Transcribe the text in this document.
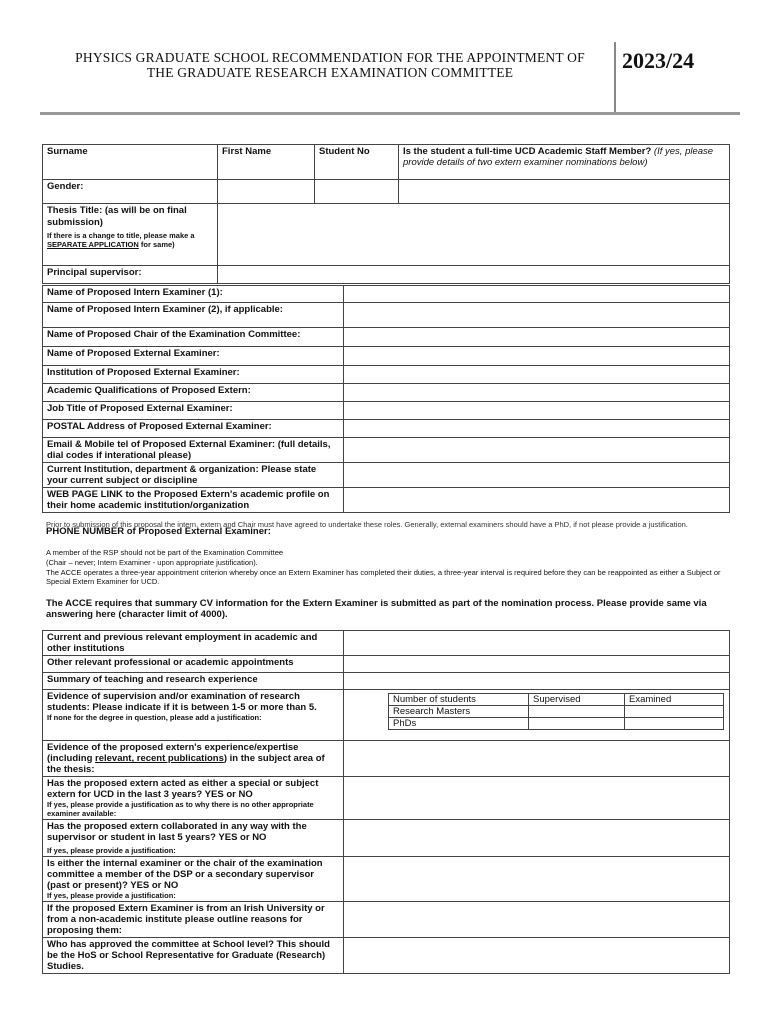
PHYSICS GRADUATE SCHOOL RECOMMENDATION FOR THE APPOINTMENT OF
THE GRADUATE RESEARCH EXAMINATION COMMITTEE	2023/24
Surname	First Name	Student No	Is the student a full-time UCD Academic Staff Member? (If yes, please provide details of two extern examiner nominations below)
Gender:			

Thesis Title: (as will be on final submission)
If there is a change to title, please make a SEPARATE APPLICATION for same)			

Principal supervisor:			
Name of Proposed Intern Examiner (1):	
Name of Proposed Intern Examiner (2), if applicable:	
Name of Proposed Chair of the Examination Committee:	
Name of Proposed External Examiner:	
Institution of Proposed External Examiner:	
Academic Qualifications of Proposed Extern:	
Job Title of Proposed External Examiner:	
POSTAL Address of Proposed External Examiner:	
Email & Mobile tel of Proposed External Examiner: (full details, dial codes if interational please)	
Current Institution, department & organization: Please state your current subject or discipline	
WEB PAGE LINK to the Proposed Extern's academic profile on their home academic institution/organization	
Prior to submission of this proposal the intern, extern and Chair must have agreed to undertake these roles. Generally, external examiners should have a PhD, if not please provide a justification.
PHONE NUMBER of Proposed External Examiner:
A member of the RSP should not be part of the Examination Committee
(Chair – never; Intern Examiner - upon appropriate justification).
The ACCE operates a three-year appointment criterion whereby once an Extern Examiner has completed their duties, a three-year interval is required before they can be reappointed as either a Subject or Special Extern Examiner for UCD.
The ACCE requires that summary CV information for the Extern Examiner is submitted as part of the nomination process. Please provide same via answering here (character limit of 4000).
Current and previous relevant employment in academic and other institutions	
Other relevant professional or academic appointments	
Summary of teaching and research experience	
Evidence of supervision and/or examination of research students: Please indicate if it is between 1-5 or more than 5.
If none for the degree in question, please add a justification:

Number of students	Supervised	Examined
Research Masters		
PhDs		

Evidence of the proposed extern's experience/expertise (including relevant, recent publications) in the subject area of the thesis:	
Has the proposed extern acted as either a special or subject extern for UCD in the last 3 years? YES or NO
If yes, please provide a justification as to why there is no other appropriate examiner available:

Has the proposed extern collaborated in any way with the supervisor or student in last 5 years? YES or NO
If yes, please provide a justification:

Is either the internal examiner or the chair of the examination committee a member of the DSP or a secondary supervisor (past or present)? YES or NO
If yes, please provide a justification:

If the proposed Extern Examiner is from an Irish University or from a non-academic institute please outline reasons for proposing them:	
Who has approved the committee at School level? This should be the HoS or School Representative for Graduate (Research) Studies.	
